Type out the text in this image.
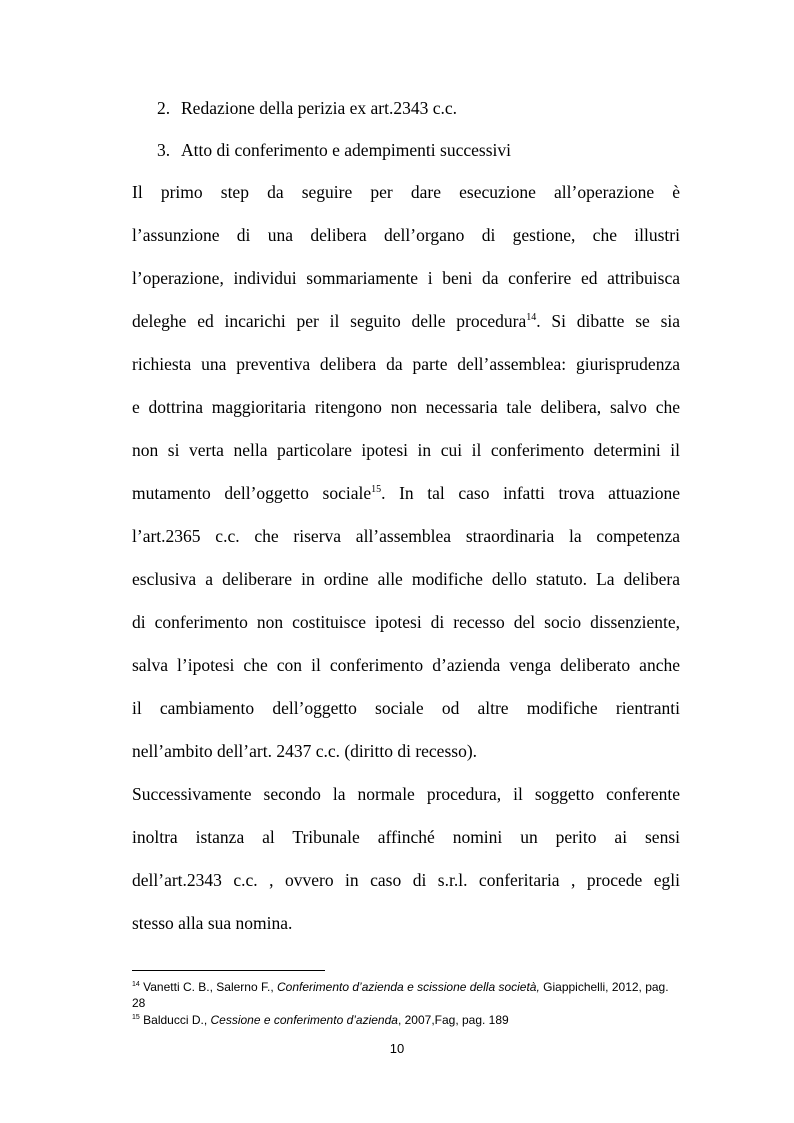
2. Redazione della perizia ex art.2343 c.c.
3. Atto di conferimento e adempimenti successivi
Il primo step da seguire per dare esecuzione all’operazione è
l’assunzione di una delibera dell’organo di gestione, che illustri
l’operazione, individui sommariamente i beni da conferire ed attribuisca
deleghe ed incarichi per il seguito delle procedura$^{14}$. Si dibatte se sia
richiesta una preventiva delibera da parte dell’assemblea: giurisprudenza
e dottrina maggioritaria ritengono non necessaria tale delibera, salvo che
non si verta nella particolare ipotesi in cui il conferimento determini il
mutamento dell’oggetto sociale$^{15}$. In tal caso infatti trova attuazione
l’art.2365 c.c. che riserva all’assemblea straordinaria la competenza
esclusiva a deliberare in ordine alle modifiche dello statuto. La delibera
di conferimento non costituisce ipotesi di recesso del socio dissenziente,
salva l’ipotesi che con il conferimento d’azienda venga deliberato anche
il cambiamento dell’oggetto sociale od altre modifiche rientranti
nell’ambito dell’art. 2437 c.c. (diritto di recesso).
Successivamente secondo la normale procedura, il soggetto conferente
inoltra istanza al Tribunale affinché nomini un perito ai sensi
dell’art.2343 c.c. , ovvero in caso di s.r.l. conferitaria , procede egli
stesso alla sua nomina.
$^{14}$ Vanetti C. B., Salerno F., Conferimento d’azienda e scissione della società, Giappichelli, 2012, pag.
28
$^{15}$ Balducci D., Cessione e conferimento d’azienda, 2007,Fag, pag. 189
10
